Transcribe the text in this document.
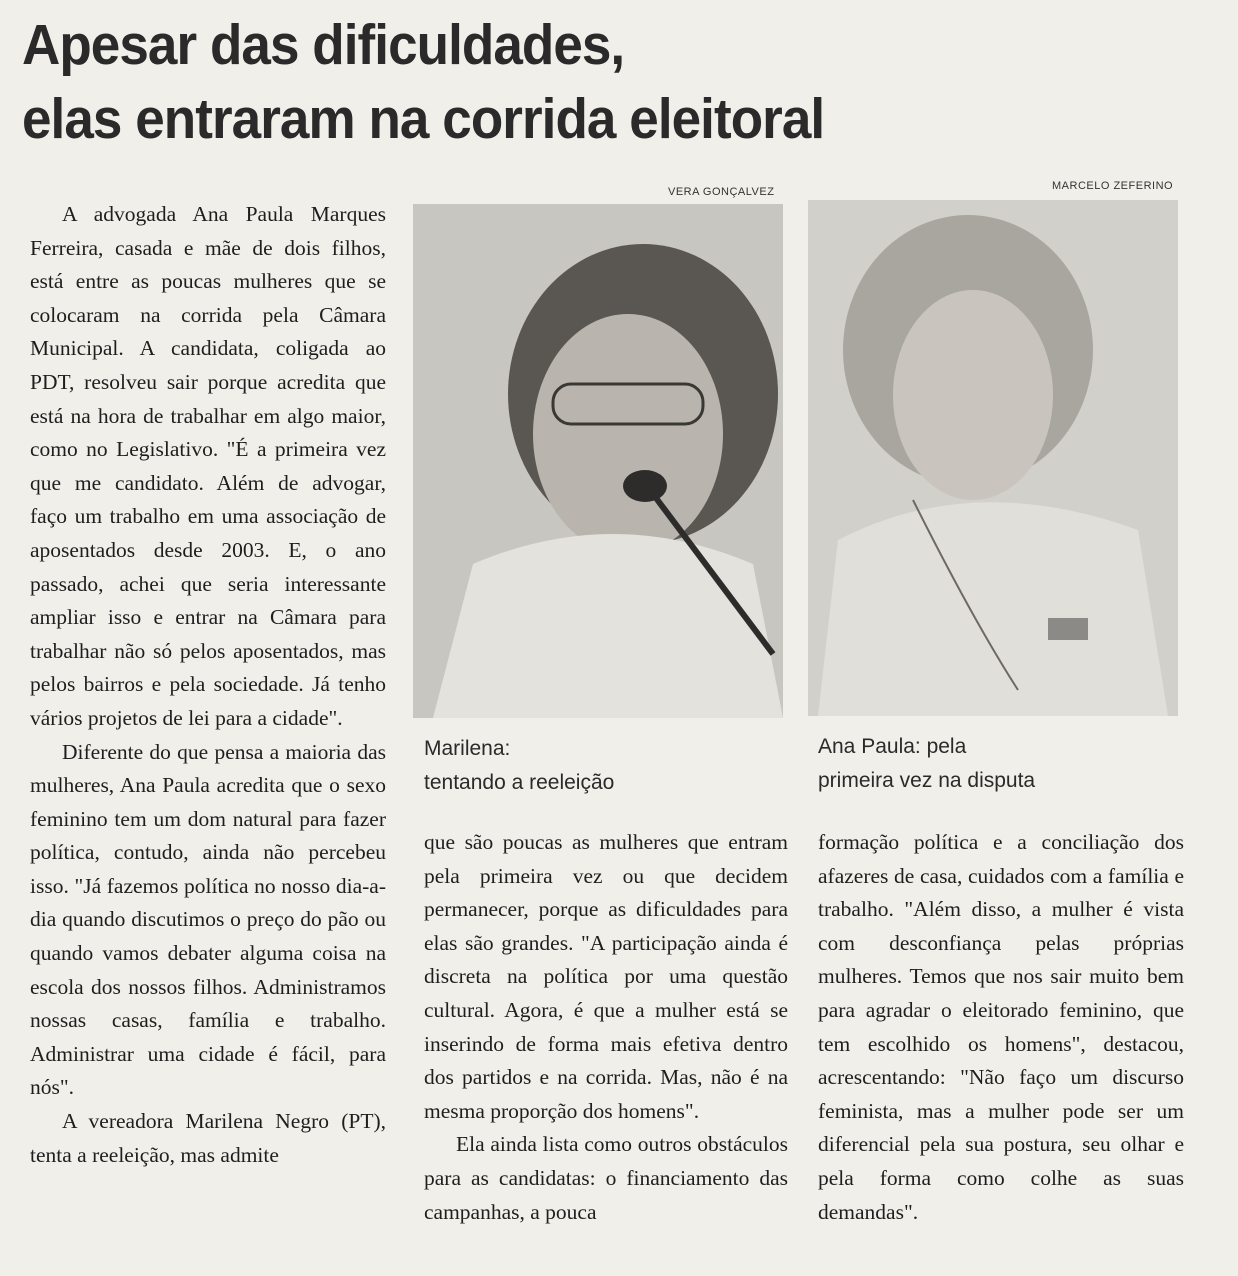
Apesar das dificuldades,
elas entraram na corrida eleitoral

A advogada Ana Paula Marques Ferreira, casada e mãe de dois filhos, está entre as poucas mulheres que se colocaram na corrida pela Câmara Municipal. A candidata, coligada ao PDT, resolveu sair porque acredita que está na hora de trabalhar em algo maior, como no Legislativo. "É a primeira vez que me candidato. Além de advogar, faço um trabalho em uma associação de aposentados desde 2003. E, o ano passado, achei que seria interessante ampliar isso e entrar na Câmara para trabalhar não só pelos aposentados, mas pelos bairros e pela sociedade. Já tenho vários projetos de lei para a cidade".

Diferente do que pensa a maioria das mulheres, Ana Paula acredita que o sexo feminino tem um dom natural para fazer política, contudo, ainda não percebeu isso. "Já fazemos política no nosso dia-a-dia quando discutimos o preço do pão ou quando vamos debater alguma coisa na escola dos nossos filhos. Administramos nossas casas, família e trabalho. Administrar uma cidade é fácil, para nós".

A vereadora Marilena Negro (PT), tenta a reeleição, mas admite

VERA GONÇALVEZ
Marilena:
tentando a reeleição
MARCELO ZEFERINO
Ana Paula: pela
primeira vez na disputa

que são poucas as mulheres que entram pela primeira vez ou que decidem permanecer, porque as dificuldades para elas são grandes. "A participação ainda é discreta na política por uma questão cultural. Agora, é que a mulher está se inserindo de forma mais efetiva dentro dos partidos e na corrida. Mas, não é na mesma proporção dos homens".

Ela ainda lista como outros obstáculos para as candidatas: o financiamento das campanhas, a pouca

formação política e a conciliação dos afazeres de casa, cuidados com a família e trabalho. "Além disso, a mulher é vista com desconfiança pelas próprias mulheres. Temos que nos sair muito bem para agradar o eleitorado feminino, que tem escolhido os homens", destacou, acrescentando: "Não faço um discurso feminista, mas a mulher pode ser um diferencial pela sua postura, seu olhar e pela forma como colhe as suas demandas".
